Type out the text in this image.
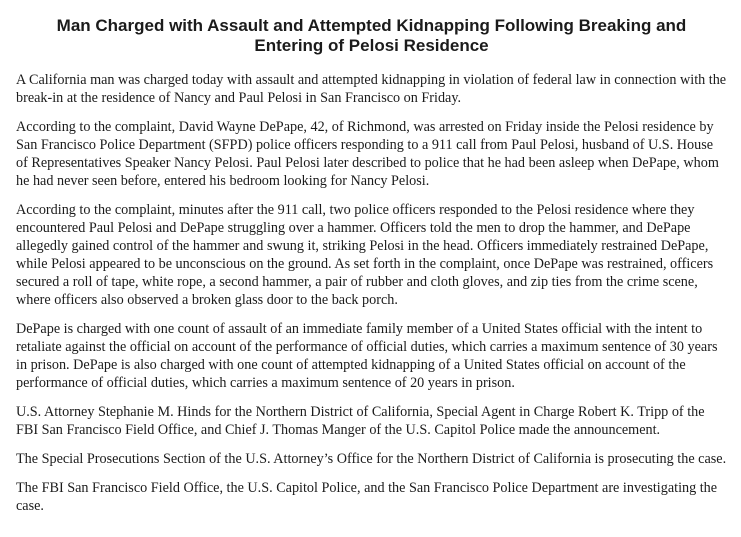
Man Charged with Assault and Attempted Kidnapping Following Breaking and Entering of Pelosi Residence

A California man was charged today with assault and attempted kidnapping in violation of federal law in connection with the break-in at the residence of Nancy and Paul Pelosi in San Francisco on Friday.

According to the complaint, David Wayne DePape, 42, of Richmond, was arrested on Friday inside the Pelosi residence by San Francisco Police Department (SFPD) police officers responding to a 911 call from Paul Pelosi, husband of U.S. House of Representatives Speaker Nancy Pelosi. Paul Pelosi later described to police that he had been asleep when DePape, whom he had never seen before, entered his bedroom looking for Nancy Pelosi.

According to the complaint, minutes after the 911 call, two police officers responded to the Pelosi residence where they encountered Paul Pelosi and DePape struggling over a hammer. Officers told the men to drop the hammer, and DePape allegedly gained control of the hammer and swung it, striking Pelosi in the head. Officers immediately restrained DePape, while Pelosi appeared to be unconscious on the ground. As set forth in the complaint, once DePape was restrained, officers secured a roll of tape, white rope, a second hammer, a pair of rubber and cloth gloves, and zip ties from the crime scene, where officers also observed a broken glass door to the back porch.

DePape is charged with one count of assault of an immediate family member of a United States official with the intent to retaliate against the official on account of the performance of official duties, which carries a maximum sentence of 30 years in prison. DePape is also charged with one count of attempted kidnapping of a United States official on account of the performance of official duties, which carries a maximum sentence of 20 years in prison.

U.S. Attorney Stephanie M. Hinds for the Northern District of California, Special Agent in Charge Robert K. Tripp of the FBI San Francisco Field Office, and Chief J. Thomas Manger of the U.S. Capitol Police made the announcement.

The Special Prosecutions Section of the U.S. Attorney’s Office for the Northern District of California is prosecuting the case.

The FBI San Francisco Field Office, the U.S. Capitol Police, and the San Francisco Police Department are investigating the case.
